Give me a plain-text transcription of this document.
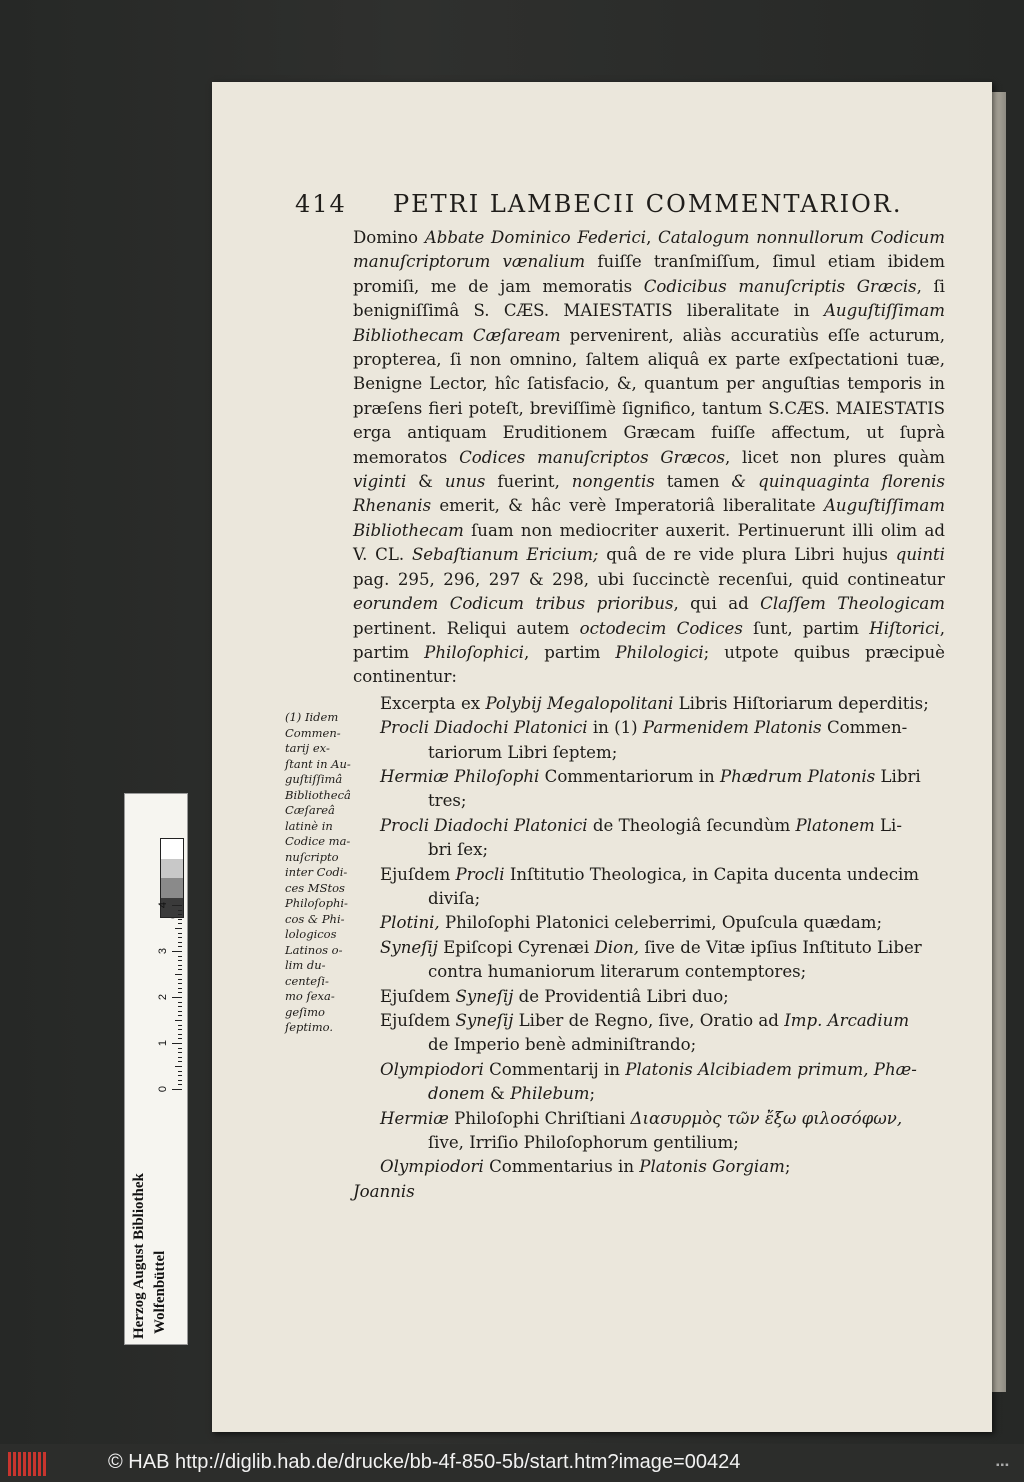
414 PETRI LAMBECII COMMENTARIOR.

Domino Abbate Dominico Federici, Catalogum nonnullorum Codicum manuſcriptorum vænalium fuiſſe tranſmiſſum, ſimul etiam ibidem promiſi, me de jam memoratis Codicibus manuſcriptis Græcis, ſi benigniſſimâ S. CÆS. MAIESTATIS liberalitate in Auguſtiſſimam Bibliothecam Cæſaream pervenirent, aliàs accuratiùs eſſe acturum, propterea, ſi non omnino, ſaltem aliquâ ex parte exſpectationi tuæ, Benigne Lector, hîc ſatisfacio, &, quantum per anguſtias temporis in præſens fieri poteſt, breviſſimè ſignifico, tantum S.CÆS. MAIESTATIS erga antiquam Eruditionem Græcam fuiſſe affectum, ut ſuprà memoratos Codices manuſcriptos Græcos, licet non plures quàm viginti & unus fuerint, nongentis tamen & quinquaginta florenis Rhenanis emerit, & hâc verè Imperatoriâ liberalitate Auguſtiſſimam Bibliothecam ſuam non mediocriter auxerit. Pertinuerunt illi olim ad V. CL. Sebaſtianum Ericium; quâ de re vide plura Libri hujus quinti pag. 295, 296, 297 & 298, ubi ſuccinctè recenſui, quid contineatur eorundem Codicum tribus prioribus, qui ad Claſſem Theologicam pertinent. Reliqui autem octodecim Codices ſunt, partim Hiſtorici, partim Philoſophici, partim Philologici; utpote quibus præcipuè continentur:

Excerpta ex Polybij Megalopolitani Libris Hiſtoriarum deperditis;
Procli Diadochi Platonici in (1) Parmenidem Platonis Commen-
tariorum Libri ſeptem;
Hermiæ Philoſophi Commentariorum in Phædrum Platonis Libri
tres;
Procli Diadochi Platonici de Theologiâ ſecundùm Platonem Li-
bri ſex;
Ejuſdem Procli Inſtitutio Theologica, in Capita ducenta undecim
diviſa;
Plotini, Philoſophi Platonici celeberrimi, Opuſcula quædam;
Syneſij Epiſcopi Cyrenæi Dion, ſive de Vitæ ipſius Inſtituto Liber
contra humaniorum literarum contemptores;
Ejuſdem Syneſij de Providentiâ Libri duo;
Ejuſdem Syneſij Liber de Regno, ſive, Oratio ad Imp. Arcadium
de Imperio benè adminiſtrando;
Olympiodori Commentarij in Platonis Alcibiadem primum, Phæ-
donem & Philebum;
Hermiæ Philoſophi Chriſtiani Διασυρμὸς τῶν ἔξω φιλοσόφων,
ſive, Irriſio Philoſophorum gentilium;
Olympiodori Commentarius in Platonis Gorgiam;

Joannis

(1) Iidem
Commen-
tarij ex-
ſtant in Au-
guſtiſſimâ
Bibliothecâ
Cæſareâ
latinè in
Codice ma-
nuſcripto
inter Codi-
ces MStos
Philoſophi-
cos & Phi-
lologicos
Latinos o-
lim du-
centeſi-
mo ſexa-
geſimo
ſeptimo.
Herzog August Bibliothek Wolfenbüttel
4
3
2
1
0
© HAB http://diglib.hab.de/drucke/bb-4f-850-5b/start.htm?image=00424	▪▪▪
